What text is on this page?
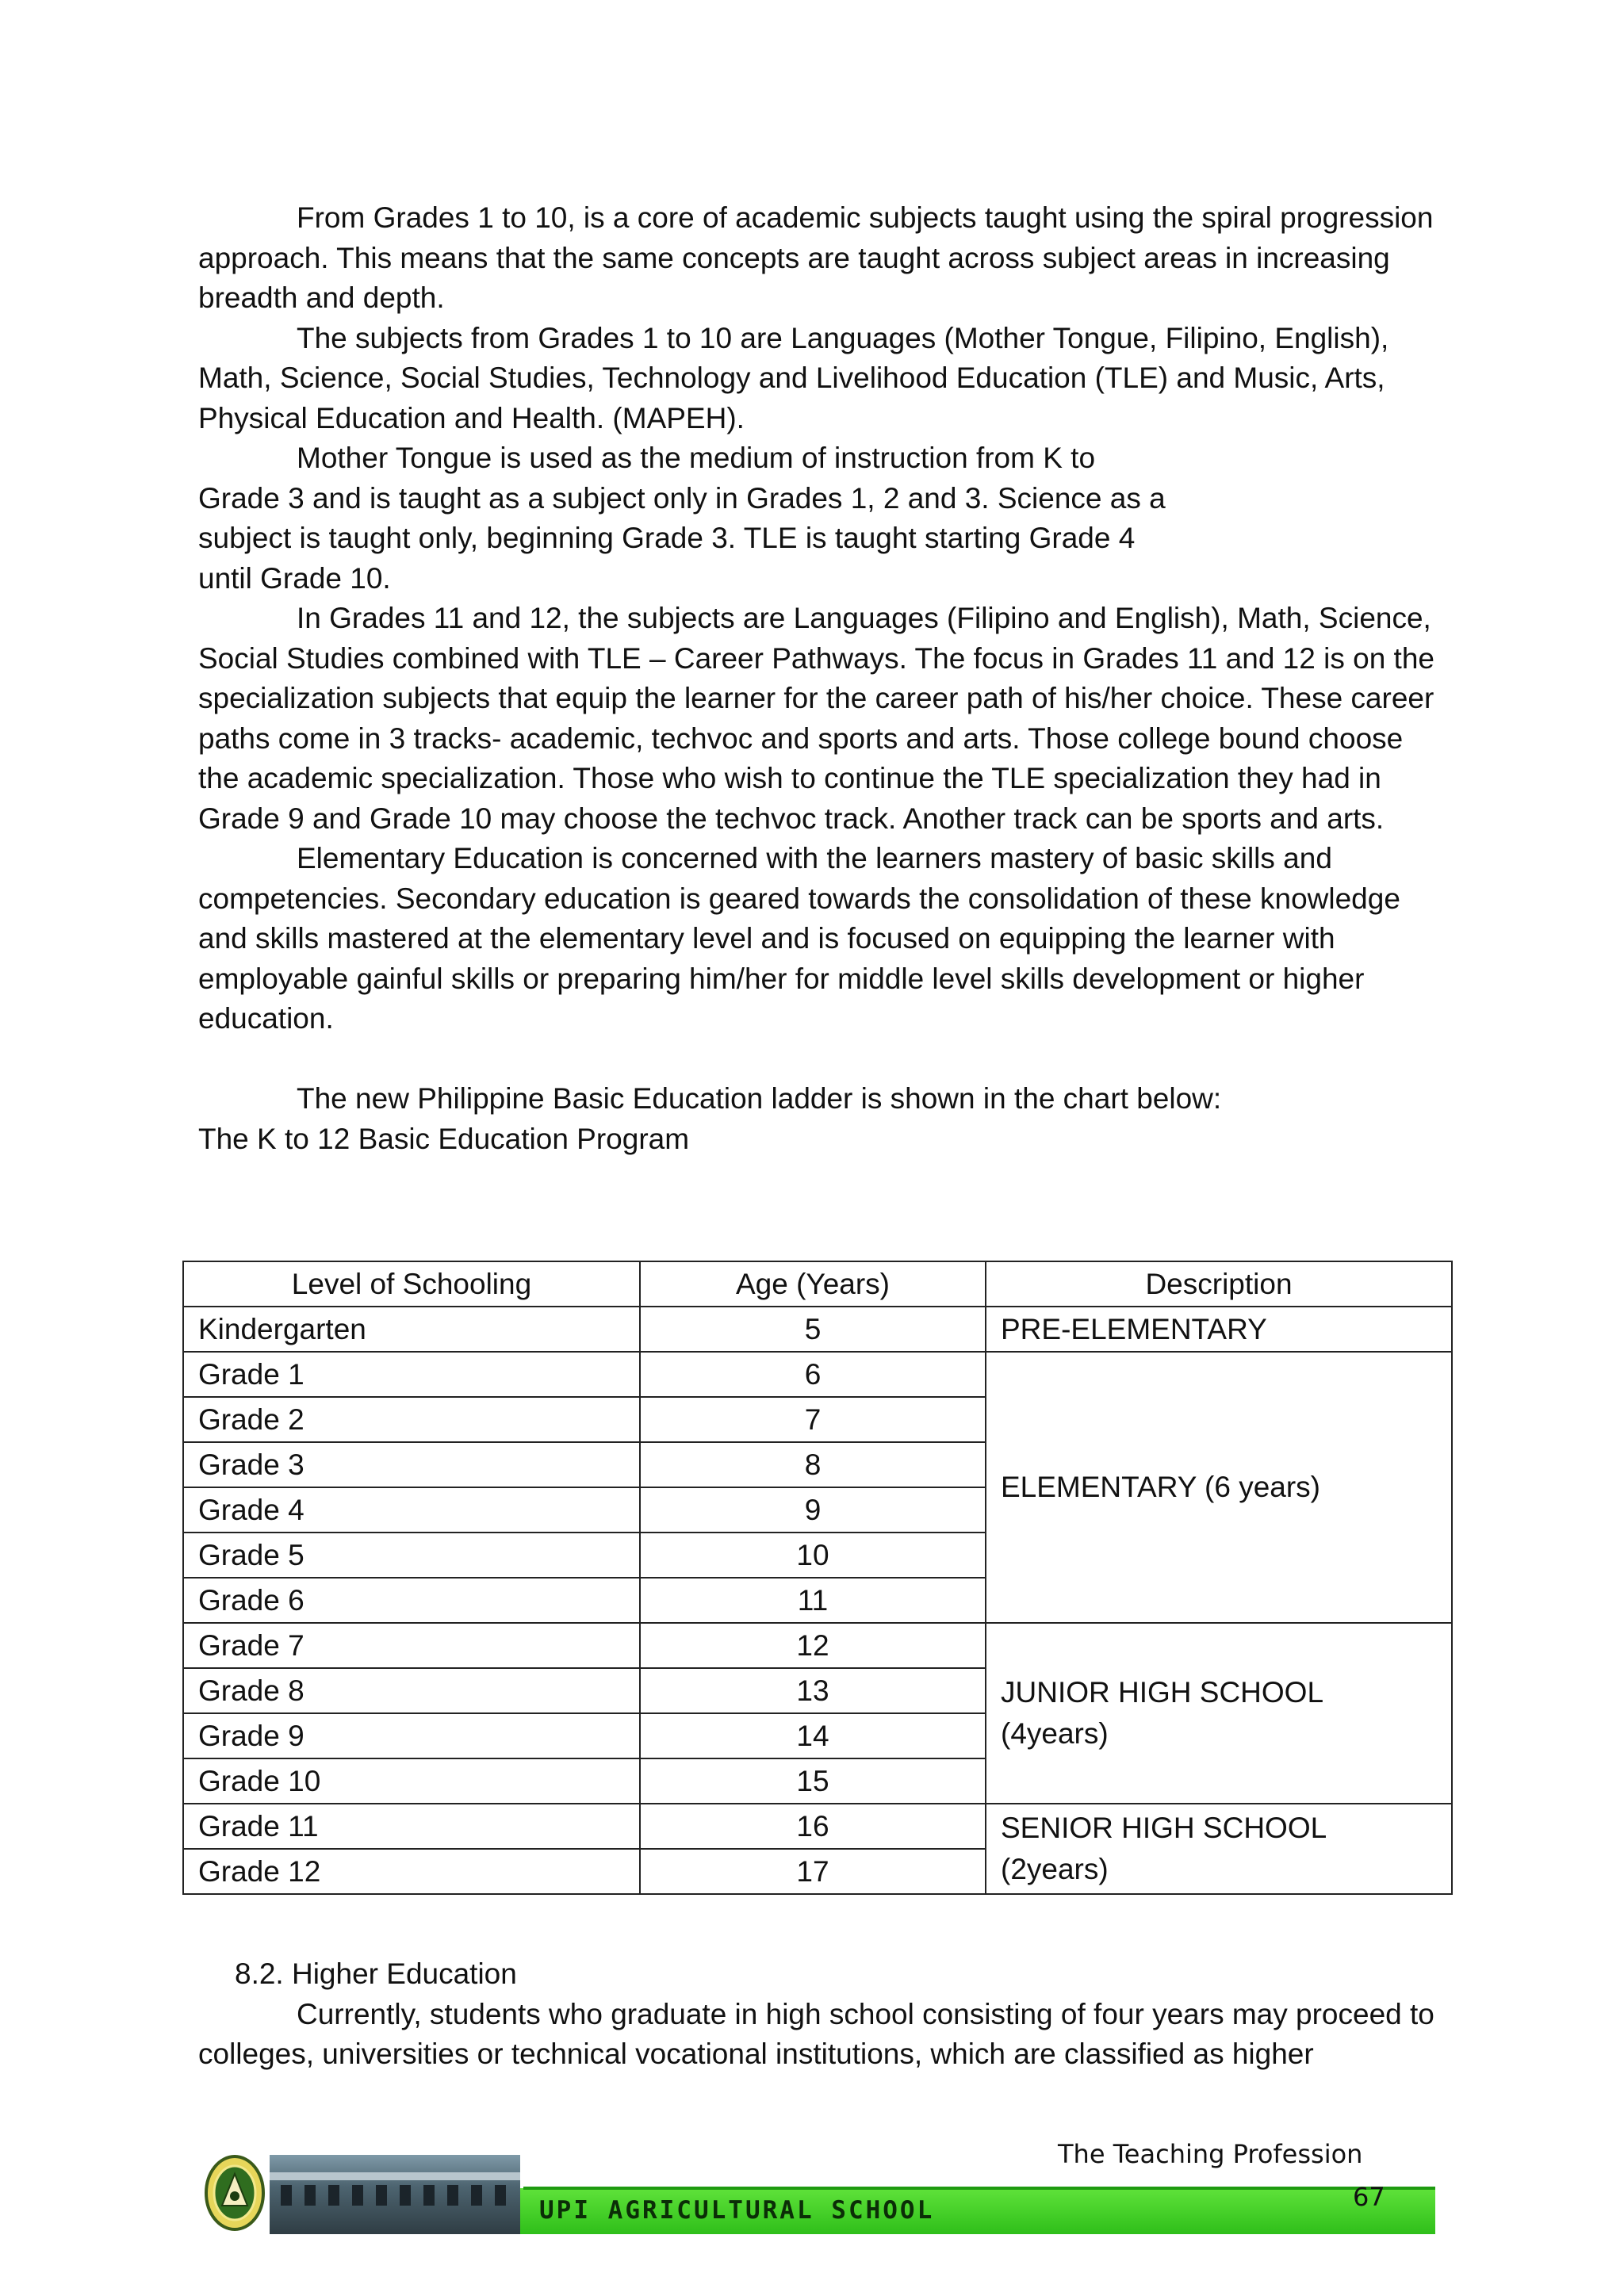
From Grades 1 to 10, is a core of academic subjects taught using the spiral progression approach. This means that the same concepts are taught across subject areas in increasing breadth and depth.

The subjects from Grades 1 to 10 are Languages (Mother Tongue, Filipino, English), Math, Science, Social Studies, Technology and Livelihood Education (TLE) and Music, Arts, Physical Education and Health. (MAPEH).

Mother Tongue is used as the medium of instruction from K to Grade 3 and is taught as a subject only in Grades 1, 2 and 3. Science as a subject is taught only, beginning Grade 3. TLE is taught starting Grade 4 until Grade 10.

In Grades 11 and 12, the subjects are Languages (Filipino and English), Math, Science, Social Studies combined with TLE – Career Pathways. The focus in Grades 11 and 12 is on the specialization subjects that equip the learner for the career path of his/her choice. These career paths come in 3 tracks- academic, techvoc and sports and arts. Those college bound choose the academic specialization. Those who wish to continue the TLE specialization they had in Grade 9 and Grade 10 may choose the techvoc track. Another track can be sports and arts.

Elementary Education is concerned with the learners mastery of basic skills and competencies. Secondary education is geared towards the consolidation of these knowledge and skills mastered at the elementary level and is focused on equipping the learner with employable gainful skills or preparing him/her for middle level skills development or higher education.

The new Philippine Basic Education ladder is shown in the chart below:

The K to 12 Basic Education Program

Level of Schooling	Age (Years)	Description
Kindergarten	5	PRE-ELEMENTARY
Grade 1	6	ELEMENTARY (6 years)
Grade 2	7	
Grade 3	8	
Grade 4	9	
Grade 5	10	
Grade 6	11	
Grade 7	12	JUNIOR HIGH SCHOOL
(4years)
Grade 8	13	
Grade 9	14	
Grade 10	15	
Grade 11	16	SENIOR HIGH SCHOOL
(2years)
Grade 12	17	

8.2. Higher Education

Currently, students who graduate in high school consisting of four years may proceed to colleges, universities or technical vocational institutions, which are classified as higher

The Teaching Profession
UPI AGRICULTURAL SCHOOL	67
